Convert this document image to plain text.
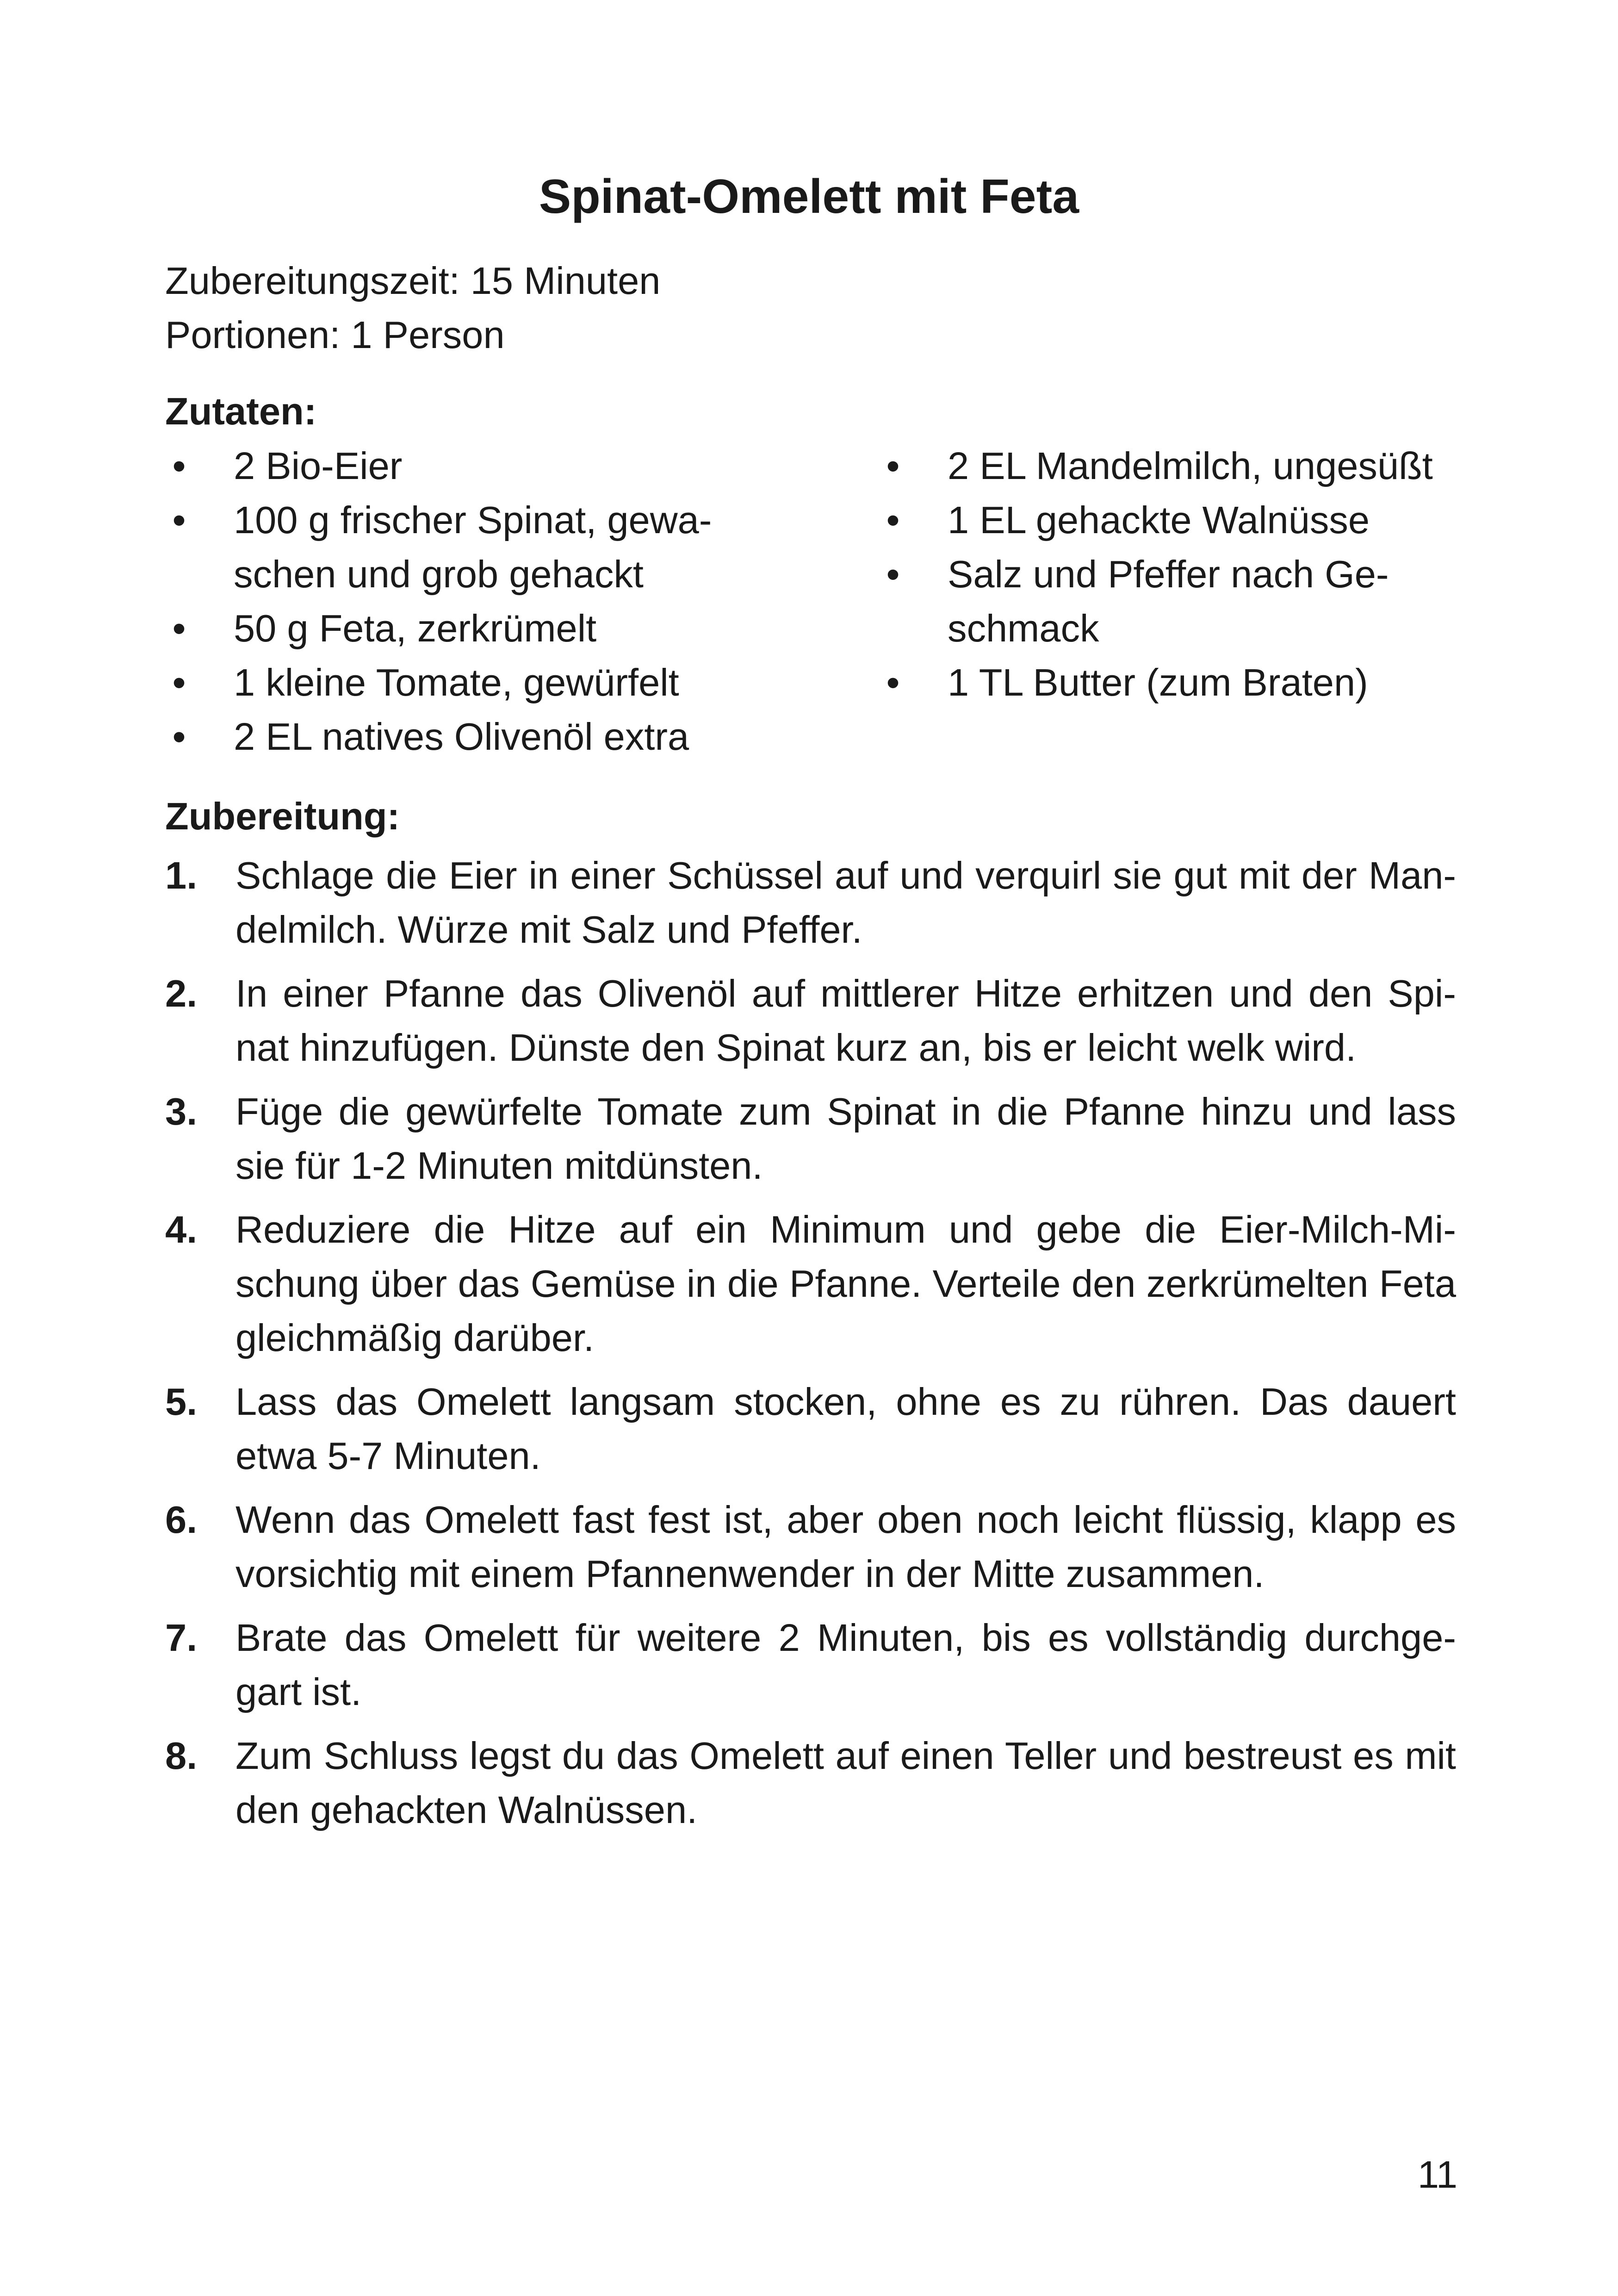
Spinat-Omelett mit Feta
Zubereitungszeit: 15 Minuten
Portionen: 1 Person
Zutaten:
• 2 Bio-Eier
• 100 g frischer Spinat, gewa-
schen und grob gehackt
• 50 g Feta, zerkrümelt
• 1 kleine Tomate, gewürfelt
• 2 EL natives Olivenöl extra
• 2 EL Mandelmilch, ungesüßt
• 1 EL gehackte Walnüsse
• Salz und Pfeffer nach Ge-
schmack
• 1 TL Butter (zum Braten)
Zubereitung:
1. Schlage die Eier in einer Schüssel auf und verquirl sie gut mit der Man-delmilch. Würze mit Salz und Pfeffer.
2. In einer Pfanne das Olivenöl auf mittlerer Hitze erhitzen und den Spi-nat hinzufügen. Dünste den Spinat kurz an, bis er leicht welk wird.
3. Füge die gewürfelte Tomate zum Spinat in die Pfanne hinzu und lass sie für 1-2 Minuten mitdünsten.
4. Reduziere die Hitze auf ein Minimum und gebe die Eier-Milch-Mi-schung über das Gemüse in die Pfanne. Verteile den zerkrümelten Feta gleichmäßig darüber.
5. Lass das Omelett langsam stocken, ohne es zu rühren. Das dauert etwa 5-7 Minuten.
6. Wenn das Omelett fast fest ist, aber oben noch leicht flüssig, klapp es vorsichtig mit einem Pfannenwender in der Mitte zusammen.
7. Brate das Omelett für weitere 2 Minuten, bis es vollständig durchge-gart ist.
8. Zum Schluss legst du das Omelett auf einen Teller und bestreust es mit den gehackten Walnüssen.
11
